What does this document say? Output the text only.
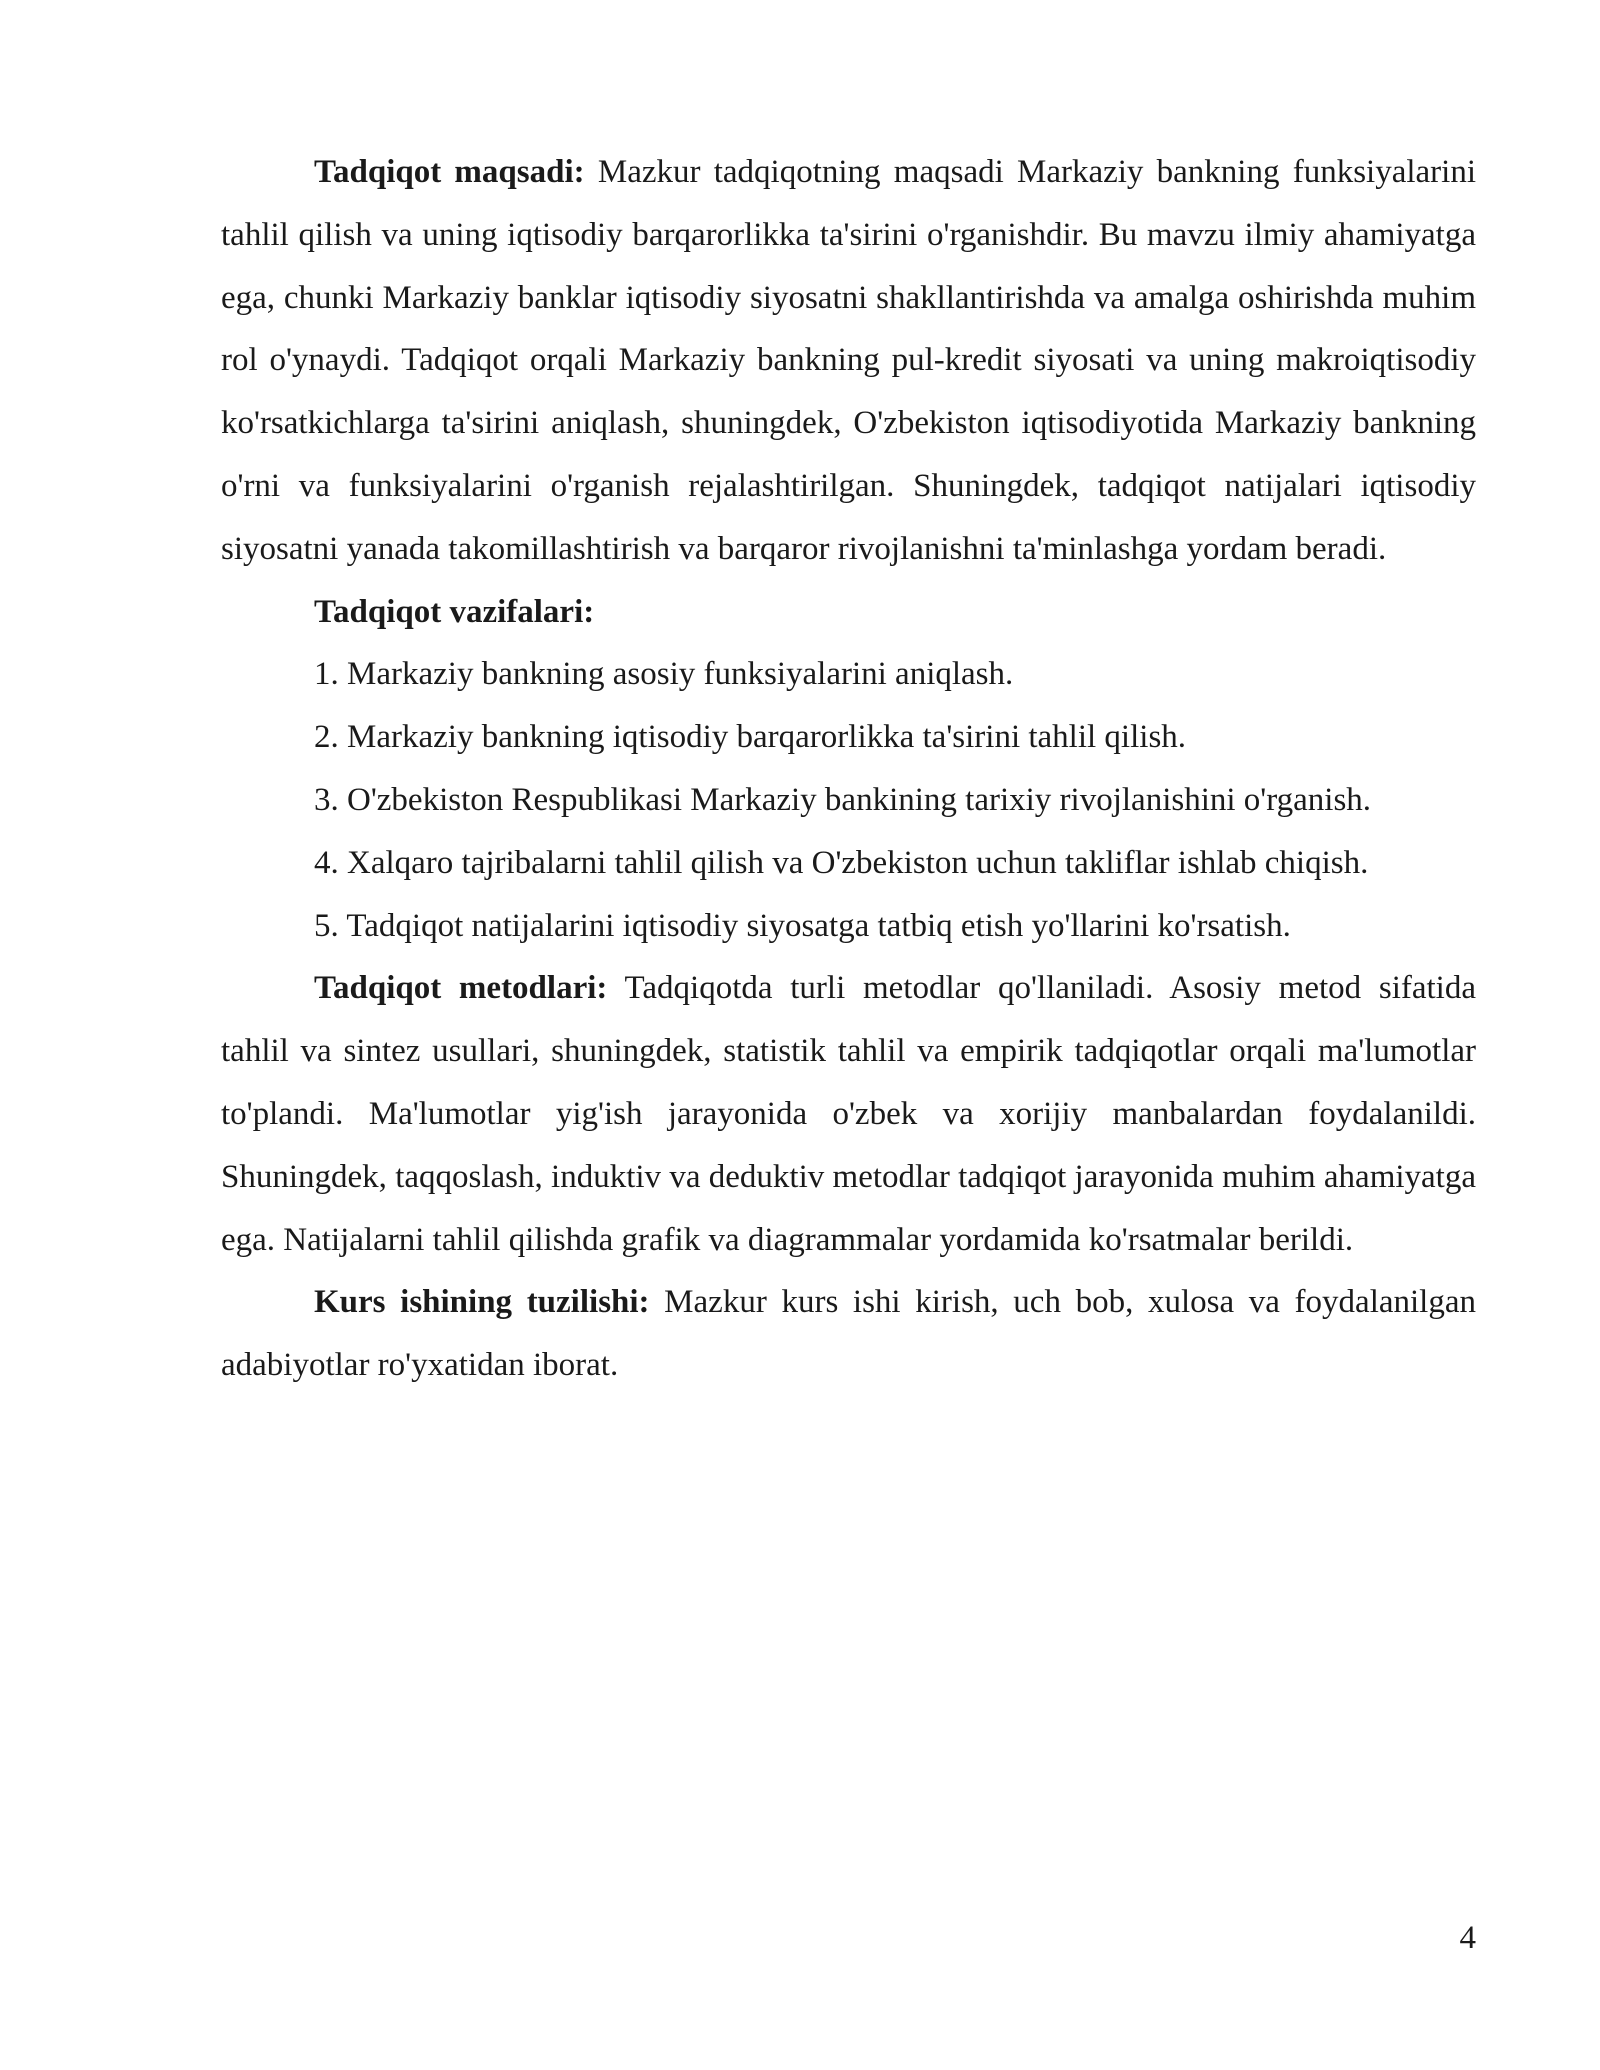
Tadqiqot maqsadi: Mazkur tadqiqotning maqsadi Markaziy bankning funksiyalarini tahlil qilish va uning iqtisodiy barqarorlikka ta'sirini o'rganishdir. Bu mavzu ilmiy ahamiyatga ega, chunki Markaziy banklar iqtisodiy siyosatni shakllantirishda va amalga oshirishda muhim rol o'ynaydi. Tadqiqot orqali Markaziy bankning pul-kredit siyosati va uning makroiqtisodiy ko'rsatkichlarga ta'sirini aniqlash, shuningdek, O'zbekiston iqtisodiyotida Markaziy bankning o'rni va funksiyalarini o'rganish rejalashtirilgan. Shuningdek, tadqiqot natijalari iqtisodiy siyosatni yanada takomillashtirish va barqaror rivojlanishni ta'minlashga yordam beradi.

Tadqiqot vazifalari:

1. Markaziy bankning asosiy funksiyalarini aniqlash.

2. Markaziy bankning iqtisodiy barqarorlikka ta'sirini tahlil qilish.

3. O'zbekiston Respublikasi Markaziy bankining tarixiy rivojlanishini o'rganish.

4. Xalqaro tajribalarni tahlil qilish va O'zbekiston uchun takliflar ishlab chiqish.

5. Tadqiqot natijalarini iqtisodiy siyosatga tatbiq etish yo'llarini ko'rsatish.

Tadqiqot metodlari: Tadqiqotda turli metodlar qo'llaniladi. Asosiy metod sifatida tahlil va sintez usullari, shuningdek, statistik tahlil va empirik tadqiqotlar orqali ma'lumotlar to'plandi. Ma'lumotlar yig'ish jarayonida o'zbek va xorijiy manbalardan foydalanildi. Shuningdek, taqqoslash, induktiv va deduktiv metodlar tadqiqot jarayonida muhim ahamiyatga ega. Natijalarni tahlil qilishda grafik va diagrammalar yordamida ko'rsatmalar berildi.

Kurs ishining tuzilishi: Mazkur kurs ishi kirish, uch bob, xulosa va foydalanilgan adabiyotlar ro'yxatidan iborat.

4
